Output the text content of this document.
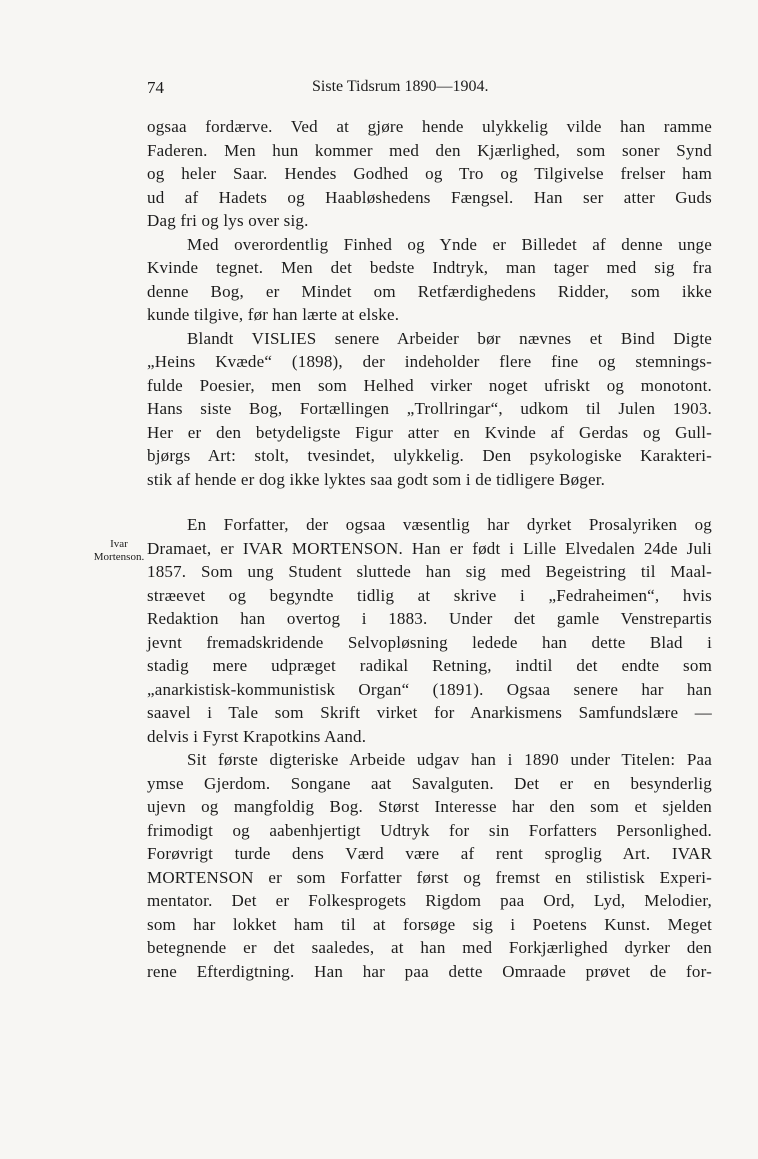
74	Siste Tidsrum 1890—1904.
Ivar
Mortenson.
ogsaa fordærve. Ved at gjøre hende ulykkelig vilde han ramme
Faderen. Men hun kommer med den Kjærlighed, som soner Synd
og heler Saar. Hendes Godhed og Tro og Tilgivelse frelser ham
ud af Hadets og Haabløshedens Fængsel. Han ser atter Guds
Dag fri og lys over sig.
Med overordentlig Finhed og Ynde er Billedet af denne unge
Kvinde tegnet. Men det bedste Indtryk, man tager med sig fra
denne Bog, er Mindet om Retfærdighedens Ridder, som ikke
kunde tilgive, før han lærte at elske.
Blandt VISLIES senere Arbeider bør nævnes et Bind Digte
„Heins Kvæde“ (1898), der indeholder flere fine og stemnings-
fulde Poesier, men som Helhed virker noget ufriskt og monotont.
Hans siste Bog, Fortællingen „Trollringar“, udkom til Julen 1903.
Her er den betydeligste Figur atter en Kvinde af Gerdas og Gull-
bjørgs Art: stolt, tvesindet, ulykkelig. Den psykologiske Karakteri-
stik af hende er dog ikke lyktes saa godt som i de tidligere Bøger.
En Forfatter, der ogsaa væsentlig har dyrket Prosalyriken og
Dramaet, er IVAR MORTENSON. Han er født i Lille Elvedalen 24de Juli
1857. Som ung Student sluttede han sig med Begeistring til Maal-
stræevet og begyndte tidlig at skrive i „Fedraheimen“, hvis
Redaktion han overtog i 1883. Under det gamle Venstrepartis
jevnt fremadskridende Selvopløsning ledede han dette Blad i
stadig mere udpræget radikal Retning, indtil det endte som
„anarkistisk-kommunistisk Organ“ (1891). Ogsaa senere har han
saavel i Tale som Skrift virket for Anarkismens Samfundslære —
delvis i Fyrst Krapotkins Aand.
Sit første digteriske Arbeide udgav han i 1890 under Titelen: Paa
ymse Gjerdom. Songane aat Savalguten. Det er en besynderlig
ujevn og mangfoldig Bog. Størst Interesse har den som et sjelden
frimodigt og aabenhjertigt Udtryk for sin Forfatters Personlighed.
Forøvrigt turde dens Værd være af rent sproglig Art. IVAR
MORTENSON er som Forfatter først og fremst en stilistisk Experi-
mentator. Det er Folkesprogets Rigdom paa Ord, Lyd, Melodier,
som har lokket ham til at forsøge sig i Poetens Kunst. Meget
betegnende er det saaledes, at han med Forkjærlighed dyrker den
rene Efterdigtning. Han har paa dette Omraade prøvet de for-
